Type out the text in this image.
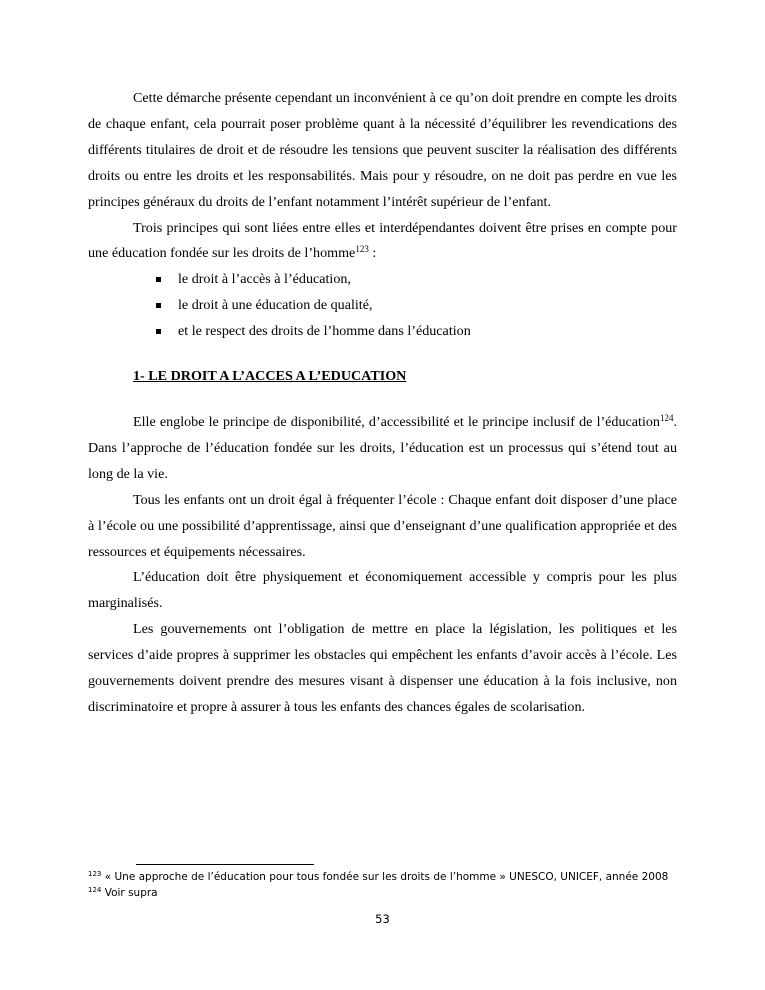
Cette démarche présente cependant un inconvénient à ce qu’on doit prendre en compte les droits de chaque enfant, cela pourrait poser problème quant à la nécessité d’équilibrer les revendications des différents titulaires de droit et de résoudre les tensions que peuvent susciter la réalisation des différents droits ou entre les droits et les responsabilités. Mais pour y résoudre, on ne doit pas perdre en vue les principes généraux du droits de l’enfant notamment l’intérêt supérieur de l’enfant.

Trois principes qui sont liées entre elles et interdépendantes doivent être prises en compte pour une éducation fondée sur les droits de l’homme$^{123}$ :

le droit à l’accès à l’éducation,
le droit à une éducation de qualité,
et le respect des droits de l’homme dans l’éducation
1- LE DROIT A L’ACCES A L’EDUCATION

Elle englobe le principe de disponibilité, d’accessibilité et le principe inclusif de l’éducation$^{124}$. Dans l’approche de l’éducation fondée sur les droits, l’éducation est un processus qui s’étend tout au long de la vie.

Tous les enfants ont un droit égal à fréquenter l’école : Chaque enfant doit disposer d’une place à l’école ou une possibilité d’apprentissage, ainsi que d’enseignant d’une qualification appropriée et des ressources et équipements nécessaires.

L’éducation doit être physiquement et économiquement accessible y compris pour les plus marginalisés.

Les gouvernements ont l’obligation de mettre en place la législation, les politiques et les services d’aide propres à supprimer les obstacles qui empêchent les enfants d’avoir accès à l’école. Les gouvernements doivent prendre des mesures visant à dispenser une éducation à la fois inclusive, non discriminatoire et propre à assurer à tous les enfants des chances égales de scolarisation.

$^{123}$ « Une approche de l’éducation pour tous fondée sur les droits de l’homme » UNESCO, UNICEF, année 2008
$^{124}$ Voir supra
53
